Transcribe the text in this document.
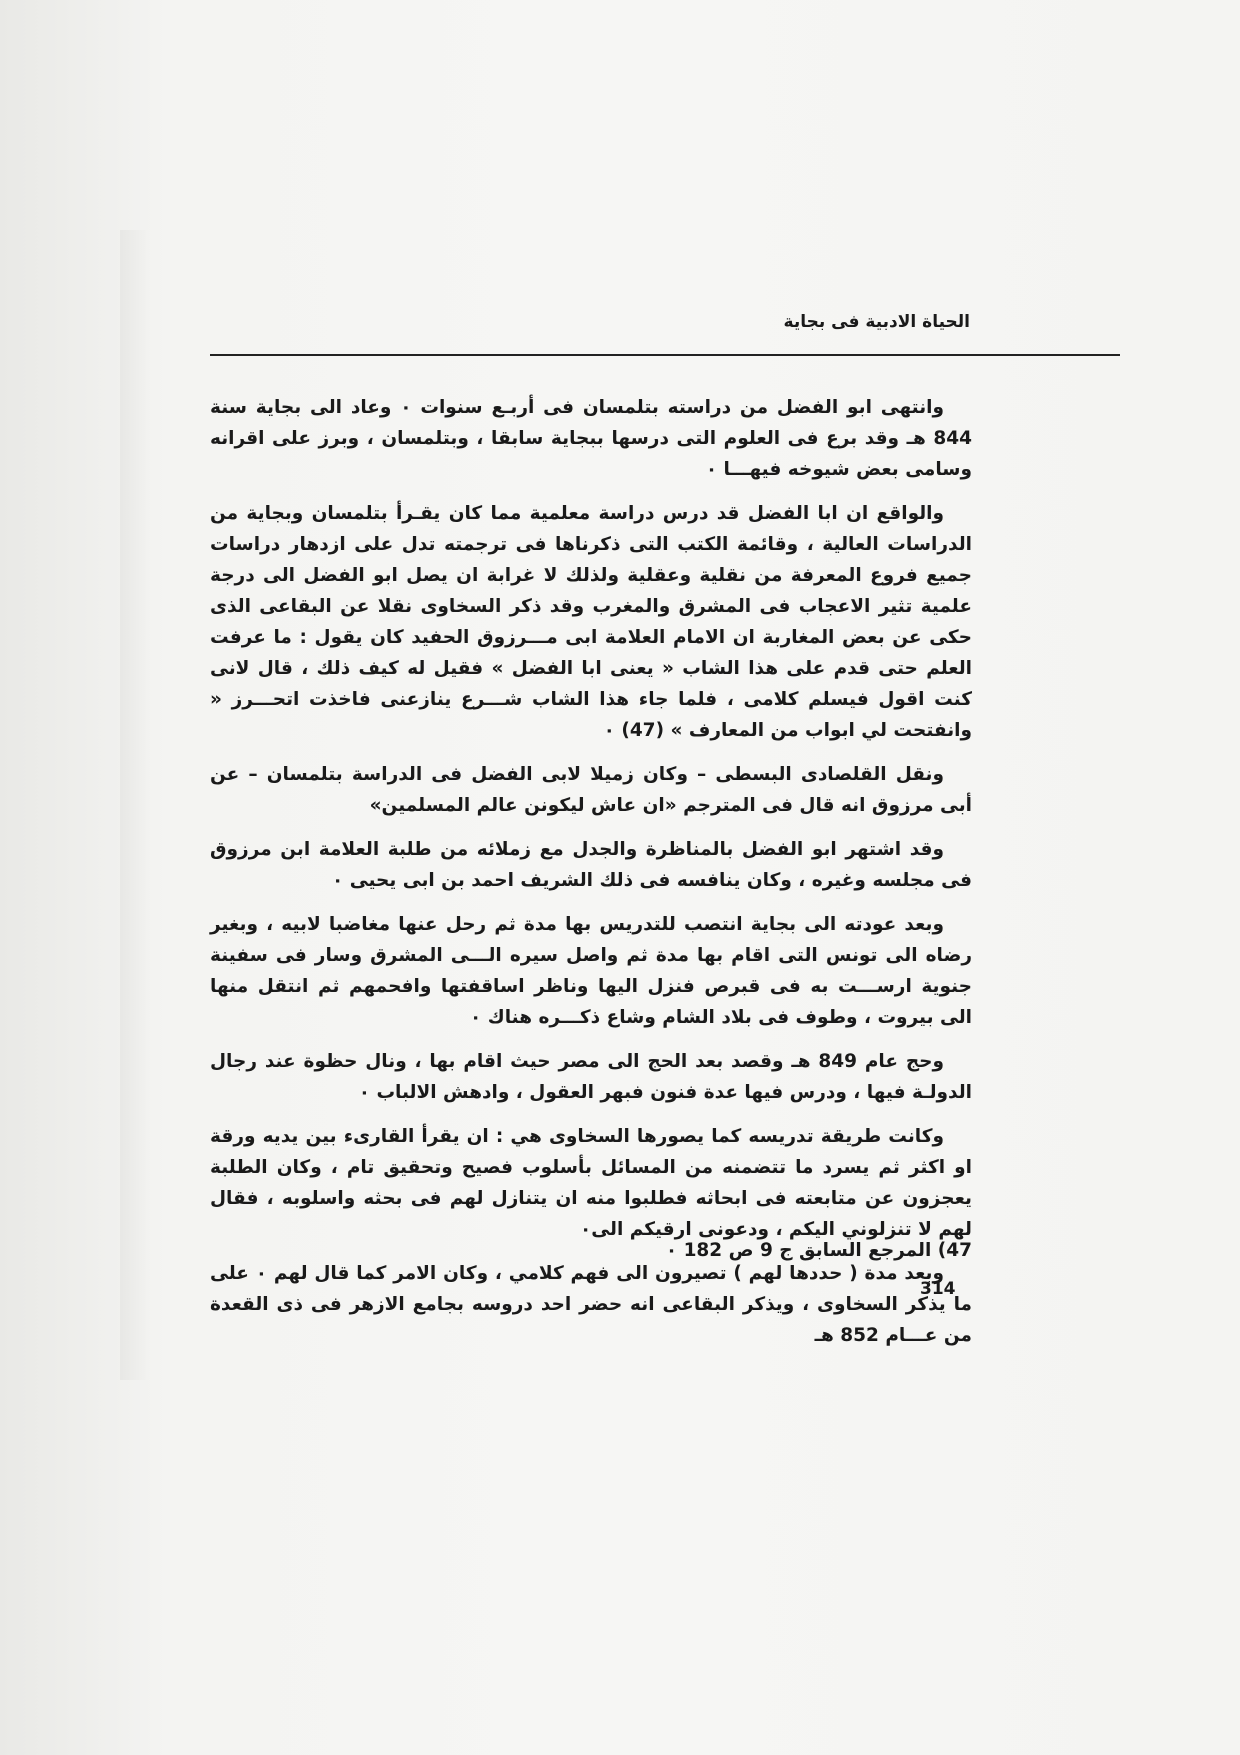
الحياة الادبية فى بجاية

وانتهى ابو الفضل من دراسته بتلمسان فى أربـع سنوات ٠ وعاد الى بجاية سنة 844 هـ وقد برع فى العلوم التى درسها ببجاية سابقا ، وبتلمسان ، وبرز على اقرانه وسامى بعض شيوخه فيهـــا ٠

والواقع ان ابا الفضل قد درس دراسة معلمية مما كان يقـرأ بتلمسان وبجاية من الدراسات العالية ، وقائمة الكتب التى ذكرناها فى ترجمته تدل على ازدهار دراسات جميع فروع المعرفة من نقلية وعقلية ولذلك لا غرابة ان يصل ابو الفضل الى درجة علمية تثير الاعجاب فى المشرق والمغرب وقد ذكر السخاوى نقلا عن البقاعى الذى حكى عن بعض المغاربة ان الامام العلامة ابى مـــرزوق الحفيد كان يقول : ما عرفت العلم حتى قدم على هذا الشاب « يعنى ابا الفضل » فقيل له كيف ذلك ، قال لانى كنت اقول فيسلم كلامى ، فلما جاء هذا الشاب شـــرع ينازعنى فاخذت اتحـــرز « وانفتحت لي ابواب من المعارف » (47) ٠

ونقل القلصادى البسطى – وكان زميلا لابى الفضل فى الدراسة بتلمسان – عن أبى مرزوق انه قال فى المترجم «ان عاش ليكونن عالم المسلمين»

وقد اشتهر ابو الفضل بالمناظرة والجدل مع زملائه من طلبة العلامة ابن مرزوق فى مجلسه وغيره ، وكان ينافسه فى ذلك الشريف احمد بن ابى يحيى ٠

وبعد عودته الى بجاية انتصب للتدريس بها مدة ثم رحل عنها مغاضبا لابيه ، وبغير رضاه الى تونس التى اقام بها مدة ثم واصل سيره الـــى المشرق وسار فى سفينة جنوية ارســـت به فى قبرص فنزل اليها وناظر اساقفتها وافحمهم ثم انتقل منها الى بيروت ، وطوف فى بلاد الشام وشاع ذكـــره هناك ٠

وحج عام 849 هـ وقصد بعد الحج الى مصر حيث اقام بها ، ونال حظوة عند رجال الدولـة فيها ، ودرس فيها عدة فنون فبهر العقول ، وادهش الالباب ٠

وكانت طريقة تدريسه كما يصورها السخاوى هي : ان يقرأ القارىء بين يديه ورقة او اكثر ثم يسرد ما تتضمنه من المسائل بأسلوب فصيح وتحقيق تام ، وكان الطلبة يعجزون عن متابعته فى ابحاثه فطلبوا منه ان يتنازل لهم فى بحثه واسلوبه ، فقال لهم لا تنزلوني اليكم ، ودعونى ارقيكم الى٠

وبعد مدة ( حددها لهم ) تصيرون الى فهم كلامي ، وكان الامر كما قال لهم ٠ على ما يذكر السخاوى ، ويذكر البقاعى انه حضر احد دروسه بجامع الازهر فى ذى القعدة من عـــام 852 هـ

47) المرجع السابق ج 9 ص 182 ٠
314
